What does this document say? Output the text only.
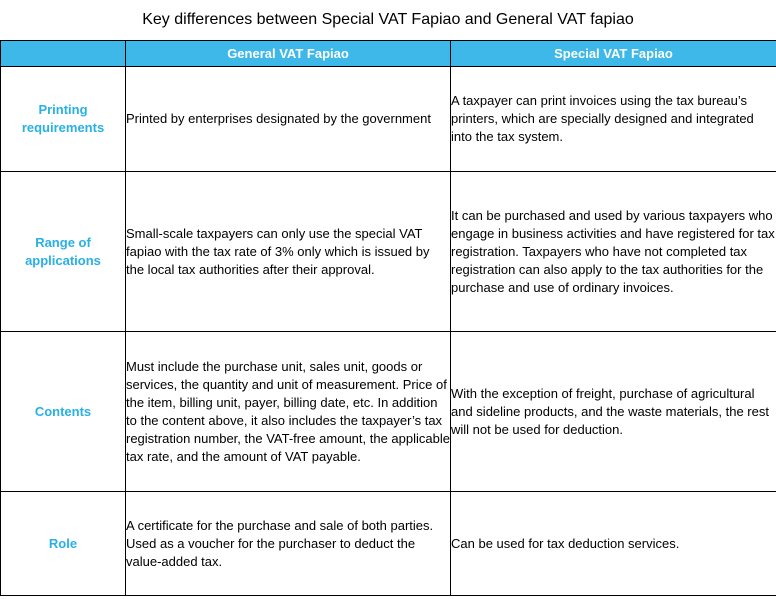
Key differences between Special VAT Fapiao and General VAT fapiao
	General VAT Fapiao	Special VAT Fapiao
Printing requirements	Printed by enterprises designated by the government	A taxpayer can print invoices using the tax bureau’s printers, which are specially designed and integrated into the tax system.
Range of applications	Small-scale taxpayers can only use the special VAT fapiao with the tax rate of 3% only which is issued by the local tax authorities after their approval.	It can be purchased and used by various taxpayers who engage in business activities and have registered for tax registration. Taxpayers who have not completed tax registration can also apply to the tax authorities for the purchase and use of ordinary invoices.
Contents	Must include the purchase unit, sales unit, goods or services, the quantity and unit of measurement. Price of the item, billing unit, payer, billing date, etc. In addition to the content above, it also includes the taxpayer’s tax registration number, the VAT-free amount, the applicable tax rate, and the amount of VAT payable.	With the exception of freight, purchase of agricultural and sideline products, and the waste materials, the rest will not be used for deduction.
Role	A certificate for the purchase and sale of both parties. Used as a voucher for the purchaser to deduct the value-added tax.	Can be used for tax deduction services.
